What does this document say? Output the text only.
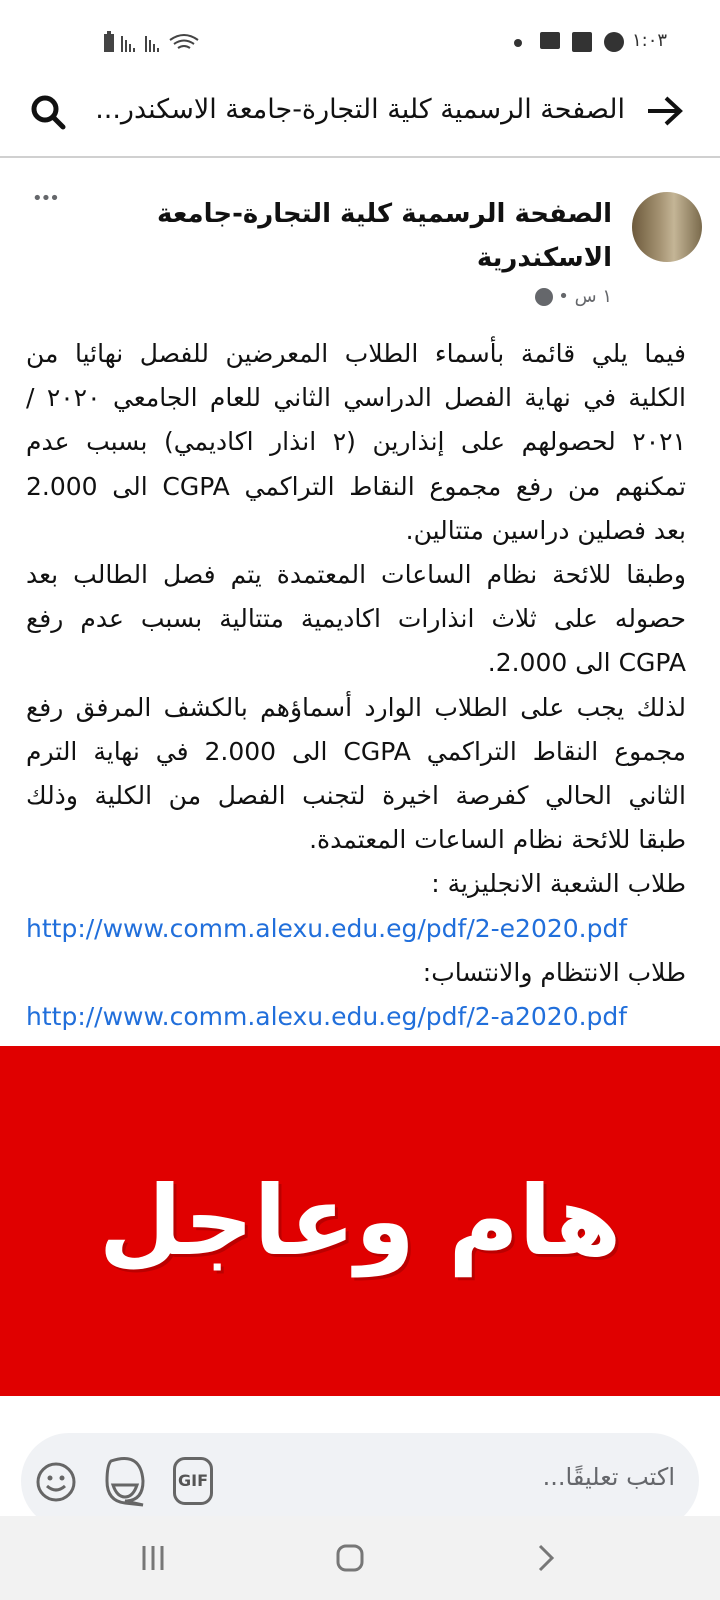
١:٠٣
الصفحة الرسمية كلية التجارة-جامعة الاسكندر...
الصفحة الرسمية كلية التجارة-جامعة الاسكندرية
•••
١ س •
فيما يلي قائمة بأسماء الطلاب المعرضين للفصل نهائيا من
الكلية في نهاية الفصل الدراسي الثاني للعام الجامعي ٢٠٢٠ /
٢٠٢١ لحصولهم على إنذارين (٢ انذار اكاديمي) بسبب عدم
تمكنهم من رفع مجموع النقاط التراكمي CGPA الى 2.000
بعد فصلين دراسين متتالين.
وطبقا للائحة نظام الساعات المعتمدة يتم فصل الطالب بعد
حصوله على ثلاث انذارات اكاديمية متتالية بسبب عدم رفع
CGPA الى 2.000.
لذلك يجب على الطلاب الوارد أسماؤهم بالكشف المرفق رفع
مجموع النقاط التراكمي CGPA الى 2.000 في نهاية الترم
الثاني الحالي كفرصة اخيرة لتجنب الفصل من الكلية وذلك
طبقا للائحة نظام الساعات المعتمدة.
طلاب الشعبة الانجليزية :
http://www.comm.alexu.edu.eg/pdf/2-e2020.pdf
طلاب الانتظام والانتساب:
http://www.comm.alexu.edu.eg/pdf/2-a2020.pdf
هام وعاجل
اكتب تعليقًا...
GIF
